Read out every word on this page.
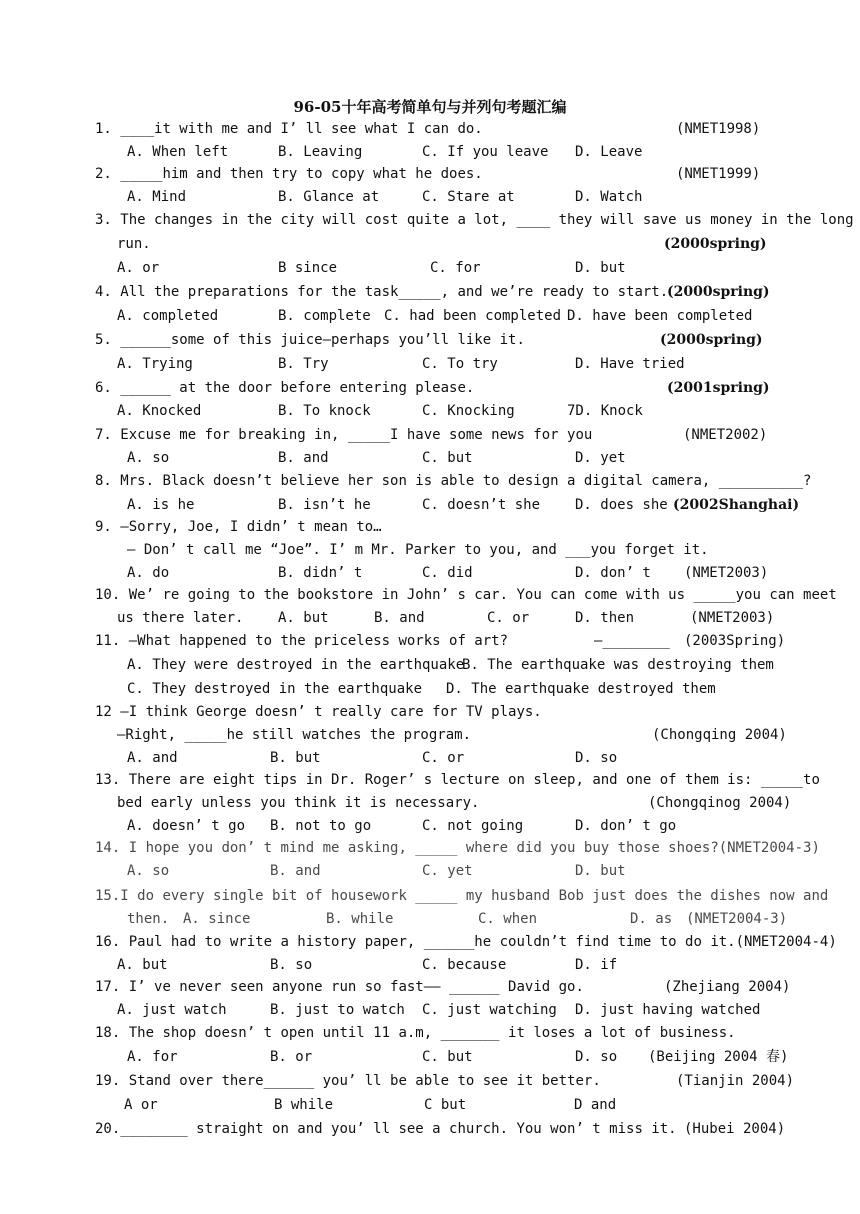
96-05十年高考简单句与并列句考题汇编
1. ____it with me and I’ ll see what I can do.	(NMET1998)
A. When left	B. Leaving	C. If you leave D. Leave
2. _____him and then try to copy what he does.	(NMET1999)
A. Mind	B. Glance at	C. Stare at	D. Watch
3. The changes in the city will cost quite a lot, ____ they will save us money in the long
run.	(2000spring)
A. or	B since	C. for	D. but
4. All the preparations for the task_____, and we’re ready to start.
(2000spring)
A. completed	B. complete C. had been completed D. have been completed
5. ______some of this juice—perhaps you’ll like it.	(2000spring)
A. Trying	B. Try	C. To try	D. Have tried
6. ______ at the door before entering please.	(2001spring)
A. Knocked	B. To knock	C. Knocking	7D. Knock
7. Excuse me for breaking in, _____I have some news for you	(NMET2002)
A. so	B. and	C. but	D. yet
8. Mrs. Black doesn’t believe her son is able to design a digital camera, __________?
A. is he	B. isn’t he	C. doesn’t she D. does she (2002Shanghai)
9. —Sorry, Joe, I didn’ t mean to…
— Don’ t call me “Joe”. I’ m Mr. Parker to you, and ___you forget it.
A. do	B. didn’ t	C. did	D. don’ t (NMET2003)
10. We’ re going to the bookstore in John’ s car. You can come with us _____you can meet
us there later. A. but	B. and	C. or	D. then	(NMET2003)
11. —What happened to the priceless works of art?	—________ (2003Spring)
A. They were destroyed in the earthquake
B. The earthquake was destroying them
C. They destroyed in the earthquake D. The earthquake destroyed them
12 —I think George doesn’ t really care for TV plays.
—Right, _____he still watches the program.	(Chongqing 2004)
A. and	B. but	C. or	D. so
13. There are eight tips in Dr. Roger’ s lecture on sleep, and one of them is: _____to
bed early unless you think it is necessary.	(Chongqinog 2004)
A. doesn’ t go B. not to go	C. not going	D. don’ t go
14. I hope you don’ t mind me asking, _____ where did you buy those shoes?(NMET2004-3)
A. so	B. and	C. yet	D. but
15.I do every single bit of housework _____ my husband Bob just does the dishes now and
then. A. since	B. while	C. when	D. as (NMET2004-3)
16. Paul had to write a history paper, ______he couldn’t find time to do it.(NMET2004-4)
A. but	B. so	C. because	D. if
17. I’ ve never seen anyone run so fast—— ______ David go.	(Zhejiang 2004)
A. just watch	B. just to watch C. just watching D. just having watched
18. The shop doesn’ t open until 11 a.m, _______ it loses a lot of business.
A. for	B. or	C. but	D. so (Beijing 2004 春)
19. Stand over there______ you’ ll be able to see it better.	(Tianjin 2004)
A or	B while	C but	D and
20.________ straight on and you’ ll see a church. You won’ t miss it. (Hubei 2004)
